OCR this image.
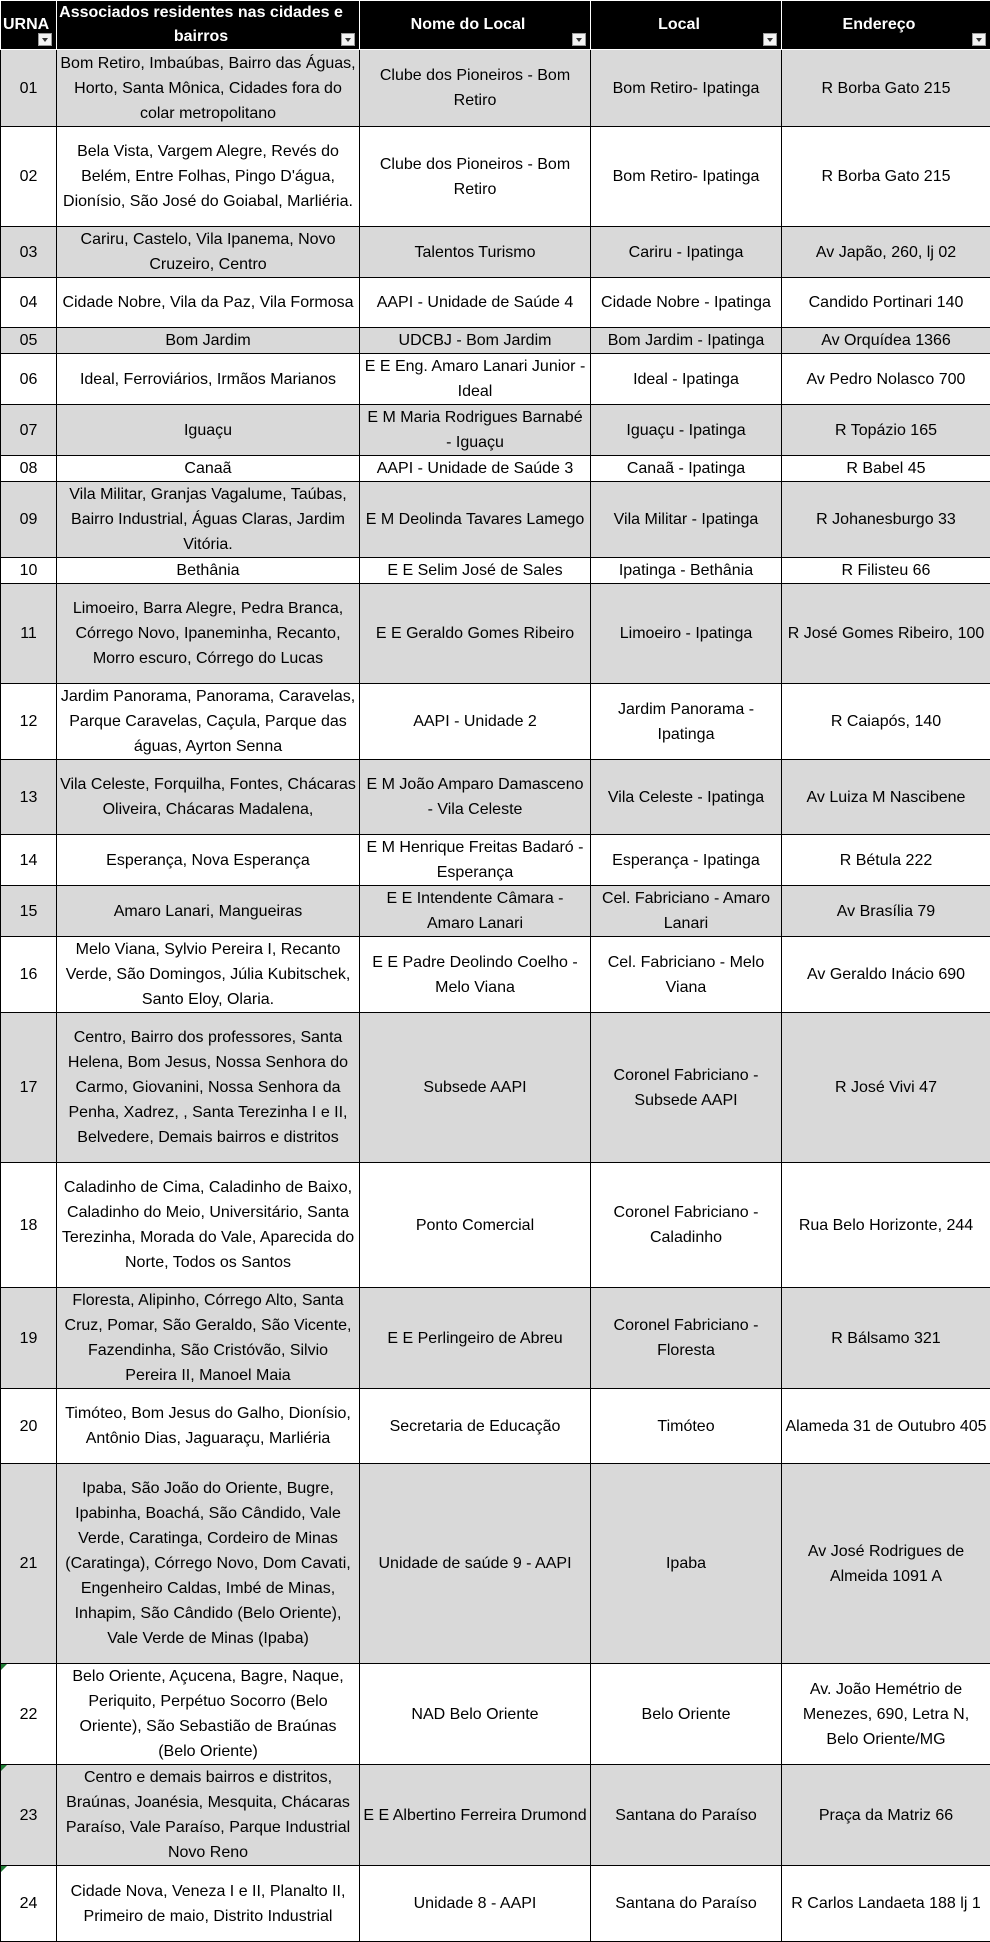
URNA	Associados residentes nas cidades e bairros	Nome do Local	Local	Endereço

01	Bom Retiro, Imbaúbas, Bairro das Águas, Horto, Santa Mônica, Cidades fora do colar metropolitano	Clube dos Pioneiros - Bom Retiro	Bom Retiro- Ipatinga	R Borba Gato 215
02	Bela Vista, Vargem Alegre, Revés do Belém, Entre Folhas, Pingo D'água, Dionísio, São José do Goiabal, Marliéria.	Clube dos Pioneiros - Bom Retiro	Bom Retiro- Ipatinga	R Borba Gato 215
03	Cariru, Castelo, Vila Ipanema, Novo Cruzeiro, Centro	Talentos Turismo	Cariru - Ipatinga	Av Japão, 260, lj 02
04	Cidade Nobre, Vila da Paz, Vila Formosa	AAPI - Unidade de Saúde 4	Cidade Nobre - Ipatinga	Candido Portinari 140
05	Bom Jardim	UDCBJ - Bom Jardim	Bom Jardim - Ipatinga	Av Orquídea 1366
06	Ideal, Ferroviários, Irmãos Marianos	E E Eng. Amaro Lanari Junior - Ideal	Ideal - Ipatinga	Av Pedro Nolasco 700
07	Iguaçu	E M Maria Rodrigues Barnabé - Iguaçu	Iguaçu - Ipatinga	R Topázio 165
08	Canaã	AAPI - Unidade de Saúde 3	Canaã - Ipatinga	R Babel 45
09	Vila Militar, Granjas Vagalume, Taúbas, Bairro Industrial, Águas Claras, Jardim Vitória.	E M Deolinda Tavares Lamego	Vila Militar - Ipatinga	R Johanesburgo 33
10	Bethânia	E E Selim José de Sales	Ipatinga - Bethânia	R Filisteu 66
11	Limoeiro, Barra Alegre, Pedra Branca, Córrego Novo, Ipaneminha, Recanto, Morro escuro, Córrego do Lucas	E E Geraldo Gomes Ribeiro	Limoeiro - Ipatinga	R José Gomes Ribeiro, 100
12	Jardim Panorama, Panorama, Caravelas, Parque Caravelas, Caçula, Parque das águas, Ayrton Senna	AAPI - Unidade 2	Jardim Panorama - Ipatinga	R Caiapós, 140
13	Vila Celeste, Forquilha, Fontes, Chácaras Oliveira, Chácaras Madalena,	E M João Amparo Damasceno - Vila Celeste	Vila Celeste - Ipatinga	Av Luiza M Nascibene
14	Esperança, Nova Esperança	E M Henrique Freitas Badaró - Esperança	Esperança - Ipatinga	R Bétula 222
15	Amaro Lanari, Mangueiras	E E Intendente Câmara - Amaro Lanari	Cel. Fabriciano - Amaro Lanari	Av Brasília 79
16	Melo Viana, Sylvio Pereira I, Recanto Verde, São Domingos, Júlia Kubitschek, Santo Eloy, Olaria.	E E Padre Deolindo Coelho - Melo Viana	Cel. Fabriciano - Melo Viana	Av Geraldo Inácio 690
17	Centro, Bairro dos professores, Santa Helena, Bom Jesus, Nossa Senhora do Carmo, Giovanini, Nossa Senhora da Penha, Xadrez, , Santa Terezinha I e II, Belvedere, Demais bairros e distritos	Subsede AAPI	Coronel Fabriciano - Subsede AAPI	R José Vivi 47
18	Caladinho de Cima, Caladinho de Baixo, Caladinho do Meio, Universitário, Santa Terezinha, Morada do Vale, Aparecida do Norte, Todos os Santos	Ponto Comercial	Coronel Fabriciano - Caladinho	Rua Belo Horizonte, 244
19	Floresta, Alipinho, Córrego Alto, Santa Cruz, Pomar, São Geraldo, São Vicente, Fazendinha, São Cristóvão, Silvio Pereira II, Manoel Maia	E E Perlingeiro de Abreu	Coronel Fabriciano - Floresta	R Bálsamo 321
20	Timóteo, Bom Jesus do Galho, Dionísio, Antônio Dias, Jaguaraçu, Marliéria	Secretaria de Educação	Timóteo	Alameda 31 de Outubro 405
21	Ipaba, São João do Oriente, Bugre, Ipabinha, Boachá, São Cândido, Vale Verde, Caratinga, Cordeiro de Minas (Caratinga), Córrego Novo, Dom Cavati, Engenheiro Caldas, Imbé de Minas, Inhapim, São Cândido (Belo Oriente), Vale Verde de Minas (Ipaba)	Unidade de saúde 9 - AAPI	Ipaba	Av José Rodrigues de Almeida 1091 A
22	Belo Oriente, Açucena, Bagre, Naque, Periquito, Perpétuo Socorro (Belo Oriente), São Sebastião de Braúnas (Belo Oriente)	NAD Belo Oriente	Belo Oriente	Av. João Hemétrio de Menezes, 690, Letra N, Belo Oriente/MG
23	Centro e demais bairros e distritos, Braúnas, Joanésia, Mesquita, Chácaras Paraíso, Vale Paraíso, Parque Industrial Novo Reno	E E Albertino Ferreira Drumond	Santana do Paraíso	Praça da Matriz 66
24	Cidade Nova, Veneza I e II, Planalto II, Primeiro de maio, Distrito Industrial	Unidade 8 - AAPI	Santana do Paraíso	R Carlos Landaeta 188 lj 1
